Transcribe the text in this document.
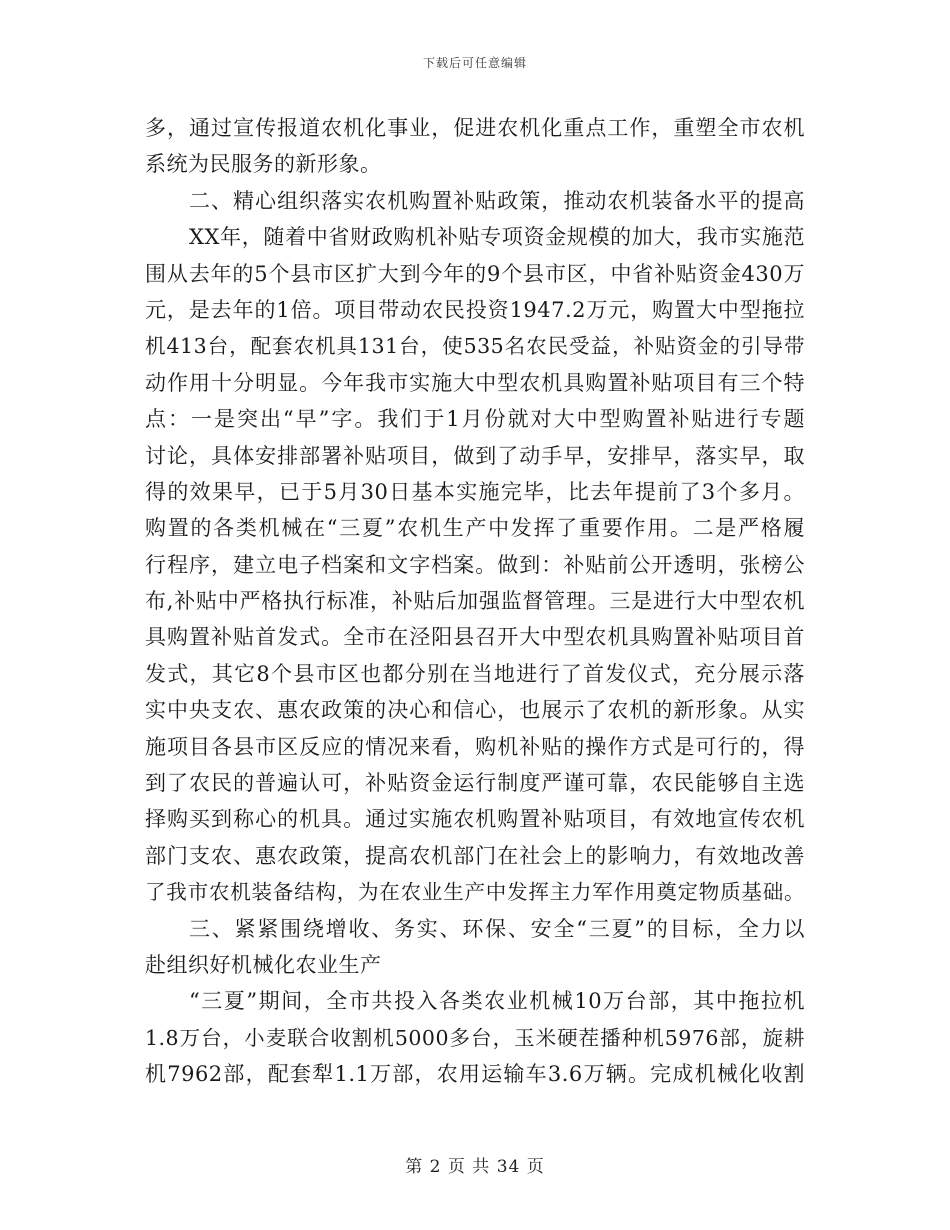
下载后可任意编辑
多，通过宣传报道农机化事业，促进农机化重点工作，重塑全市农机
系统为民服务的新形象。
二、精心组织落实农机购置补贴政策，推动农机装备水平的提高
XX年，随着中省财政购机补贴专项资金规模的加大，我市实施范
围从去年的5个县市区扩大到今年的9个县市区，中省补贴资金430万
元，是去年的1倍。项目带动农民投资1947.2万元，购置大中型拖拉
机413台，配套农机具131台，使535名农民受益，补贴资金的引导带
动作用十分明显。今年我市实施大中型农机具购置补贴项目有三个特
点：一是突出“早”字。我们于1月份就对大中型购置补贴进行专题
讨论，具体安排部署补贴项目，做到了动手早，安排早，落实早，取
得的效果早，已于5月30日基本实施完毕，比去年提前了3个多月。
购置的各类机械在“三夏”农机生产中发挥了重要作用。二是严格履
行程序，建立电子档案和文字档案。做到：补贴前公开透明，张榜公
布,补贴中严格执行标准，补贴后加强监督管理。三是进行大中型农机
具购置补贴首发式。全市在泾阳县召开大中型农机具购置补贴项目首
发式，其它8个县市区也都分别在当地进行了首发仪式，充分展示落
实中央支农、惠农政策的决心和信心，也展示了农机的新形象。从实
施项目各县市区反应的情况来看，购机补贴的操作方式是可行的，得
到了农民的普遍认可，补贴资金运行制度严谨可靠，农民能够自主选
择购买到称心的机具。通过实施农机购置补贴项目，有效地宣传农机
部门支农、惠农政策，提高农机部门在社会上的影响力，有效地改善
了我市农机装备结构，为在农业生产中发挥主力军作用奠定物质基础。
三、紧紧围绕增收、务实、环保、安全“三夏”的目标，全力以
赴组织好机械化农业生产
“三夏”期间，全市共投入各类农业机械10万台部，其中拖拉机
1.8万台，小麦联合收割机5000多台，玉米硬茬播种机5976部，旋耕
机7962部，配套犁1.1万部，农用运输车3.6万辆。完成机械化收割
第 2 页 共 34 页
